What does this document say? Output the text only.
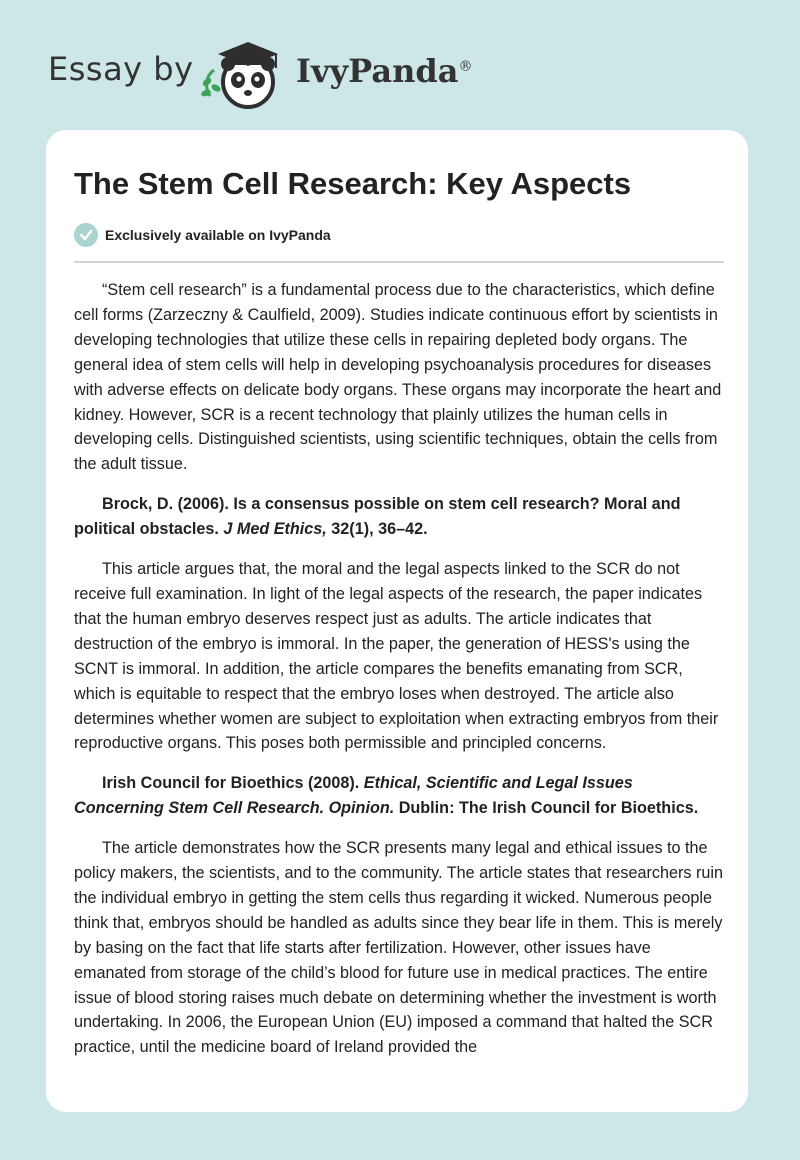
Essay by	IvyPanda®
The Stem Cell Research: Key Aspects
Exclusively available on IvyPanda

“Stem cell research” is a fundamental process due to the characteristics, which define cell forms (Zarzeczny & Caulfield, 2009). Studies indicate continuous effort by scientists in developing technologies that utilize these cells in repairing depleted body organs. The general idea of stem cells will help in developing psychoanalysis procedures for diseases with adverse effects on delicate body organs. These organs may incorporate the heart and kidney. However, SCR is a recent technology that plainly utilizes the human cells in developing cells. Distinguished scientists, using scientific techniques, obtain the cells from the adult tissue.

Brock, D. (2006). Is a consensus possible on stem cell research? Moral and political obstacles. J Med Ethics, 32(1), 36–42.

This article argues that, the moral and the legal aspects linked to the SCR do not receive full examination. In light of the legal aspects of the research, the paper indicates that the human embryo deserves respect just as adults. The article indicates that destruction of the embryo is immoral. In the paper, the generation of HESS's using the SCNT is immoral. In addition, the article compares the benefits emanating from SCR, which is equitable to respect that the embryo loses when destroyed. The article also determines whether women are subject to exploitation when extracting embryos from their reproductive organs. This poses both permissible and principled concerns.

Irish Council for Bioethics (2008). Ethical, Scientific and Legal Issues Concerning Stem Cell Research. Opinion. Dublin: The Irish Council for Bioethics.

The article demonstrates how the SCR presents many legal and ethical issues to the policy makers, the scientists, and to the community. The article states that researchers ruin the individual embryo in getting the stem cells thus regarding it wicked. Numerous people think that, embryos should be handled as adults since they bear life in them. This is merely by basing on the fact that life starts after fertilization. However, other issues have emanated from storage of the child’s blood for future use in medical practices. The entire issue of blood storing raises much debate on determining whether the investment is worth undertaking. In 2006, the European Union (EU) imposed a command that halted the SCR practice, until the medicine board of Ireland provided the
